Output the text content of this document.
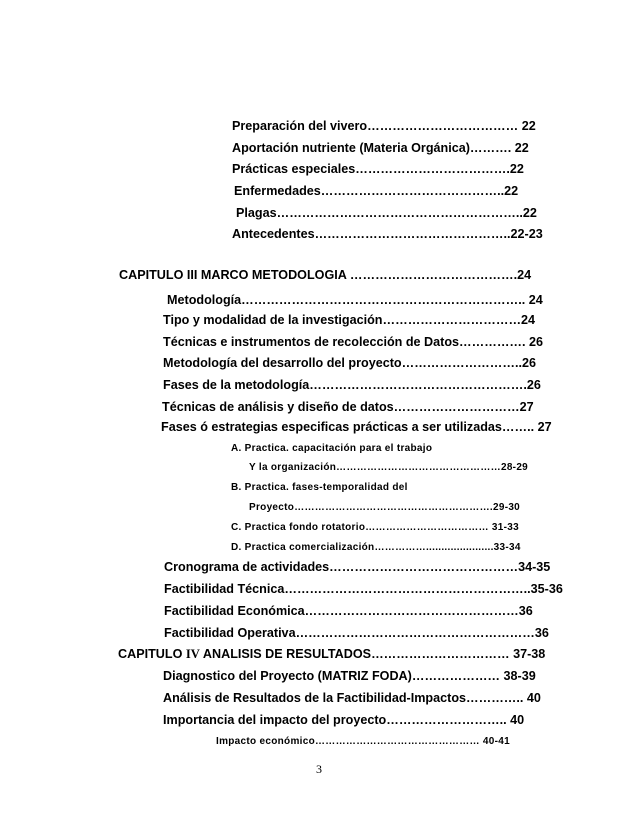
Preparación del vivero……………………………… 22
Aportación nutriente (Materia Orgánica)………. 22
Prácticas especiales……………………………….22
Enfermedades……………………………………..22
Plagas…………………………………………………..22
Antecedentes………………………………………..22-23
CAPITULO III MARCO METODOLOGIA ………………………………….24
Metodología………………………………………………………….. 24
Tipo y modalidad de la investigación……………………………24
Técnicas e instrumentos de recolección de Datos……………. 26
Metodología del desarrollo del proyecto………………………..26
Fases de la metodología…………………………………………….26
Técnicas de análisis y diseño de datos…………………………27
Fases ó estrategias especificas prácticas a ser utilizadas…….. 27
A. Practica. capacitación para el trabajo
Y la organización…………………………………………28-29
B. Practica. fases-temporalidad del
Proyecto………………………………………………….29-30
C. Practica fondo rotatorio……………………………… 31-33
D. Practica comercialización……………......................33-34
Cronograma de actividades………………………………………34-35
Factibilidad Técnica…………………………………………………..35-36
Factibilidad Económica……………………………………………36
Factibilidad Operativa…………………………………………………36
CAPITULO IV ANALISIS DE RESULTADOS…………………………… 37-38
Diagnostico del Proyecto (MATRIZ FODA)………………… 38-39
Análisis de Resultados de la Factibilidad-Impactos………….. 40
Importancia del impacto del proyecto……………………….. 40
Impacto económico………………………………………… 40-41
3
